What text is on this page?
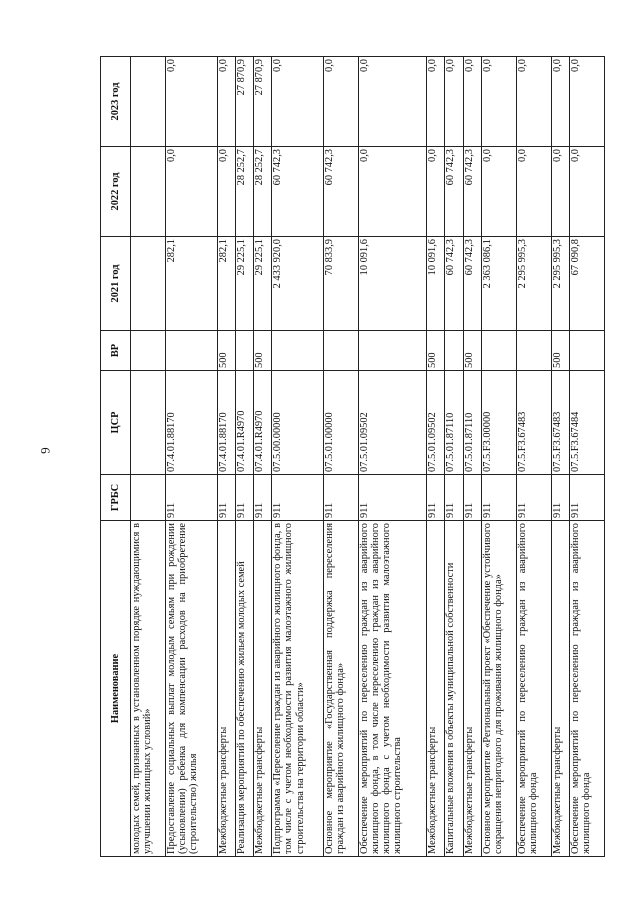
6
Наименование	ГРБС	ЦСР	ВР	2021 год	2022 год	2023 год
молодых семей, признанных в установленном порядке нуждающимися в улучшении жилищных условий»						
Предоставление социальных выплат молодым семьям при рождении (усыновлении) ребенка для компенсации расходов на приобретение (строительство) жилья	911	07.4.01.88170		282,1	0,0	0,0
Межбюджетные трансферты	911	07.4.01.88170	500	282,1	0,0	0,0
Реализация мероприятий по обеспечению жильем молодых семей	911	07.4.01.R4970		29 225,1	28 252,7	27 870,9
Межбюджетные трансферты	911	07.4.01.R4970	500	29 225,1	28 252,7	27 870,9
Подпрограмма «Переселение граждан из аварийного жилищного фонда, в том числе с учетом необходимости развития малоэтажного жилищного строительства на территории области»	911	07.5.00.00000		2 433 920,0	60 742,3	0,0
Основное мероприятие «Государственная поддержка переселения граждан из аварийного жилищного фонда»	911	07.5.01.00000		70 833,9	60 742,3	0,0
Обеспечение мероприятий по переселению граждан из аварийного жилищного фонда, в том числе переселению граждан из аварийного жилищного фонда с учетом необходимости развития малоэтажного жилищного строительства	911	07.5.01.09502		10 091,6	0,0	0,0
Межбюджетные трансферты	911	07.5.01.09502	500	10 091,6	0,0	0,0
Капитальные вложения в объекты муниципальной собственности	911	07.5.01.87110		60 742,3	60 742,3	0,0
Межбюджетные трансферты	911	07.5.01.87110	500	60 742,3	60 742,3	0,0
Основное мероприятие «Региональный проект «Обеспечение устойчивого сокращения непригодного для проживания жилищного фонда»	911	07.5.F3.00000		2 363 086,1	0,0	0,0
Обеспечение мероприятий по переселению граждан из аварийного жилищного фонда	911	07.5.F3.67483		2 295 995,3	0,0	0,0
Межбюджетные трансферты	911	07.5.F3.67483	500	2 295 995,3	0,0	0,0
Обеспечение мероприятий по переселению граждан из аварийного жилищного фонда	911	07.5.F3.67484		67 090,8	0,0	0,0
